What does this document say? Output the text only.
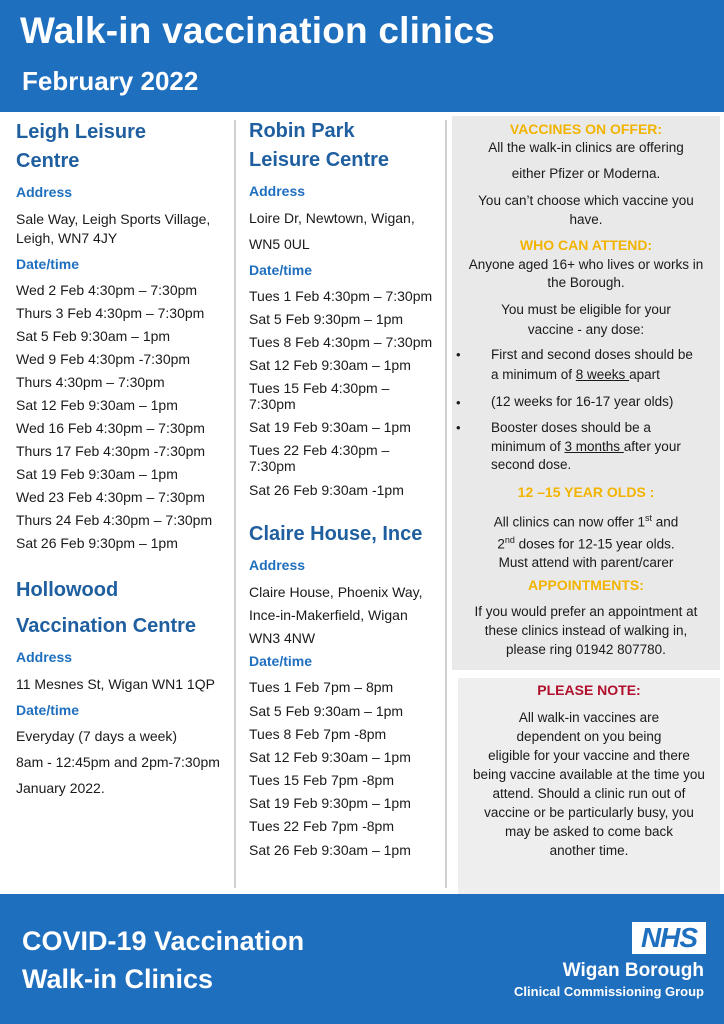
Walk-in vaccination clinics
February 2022

Leigh Leisure

Centre

Address

Sale Way, Leigh Sports Village,

Leigh, WN7 4JY

Date/time

Wed 2 Feb 4:30pm – 7:30pm

Thurs 3 Feb 4:30pm – 7:30pm

Sat 5 Feb 9:30am – 1pm

Wed 9 Feb 4:30pm -7:30pm

Thurs 4:30pm – 7:30pm

Sat 12 Feb 9:30am – 1pm

Wed 16 Feb 4:30pm – 7:30pm

Thurs 17 Feb 4:30pm -7:30pm

Sat 19 Feb 9:30am – 1pm

Wed 23 Feb 4:30pm – 7:30pm

Thurs 24 Feb 4:30pm – 7:30pm

Sat 26 Feb 9:30pm – 1pm

Hollowood

Vaccination Centre

Address

11 Mesnes St, Wigan WN1 1QP

Date/time

Everyday (7 days a week)

8am - 12:45pm and 2pm-7:30pm

January 2022.

Robin Park

Leisure Centre

Address

Loire Dr, Newtown, Wigan,

WN5 0UL

Date/time

Tues 1 Feb 4:30pm – 7:30pm

Sat 5 Feb 9:30pm – 1pm

Tues 8 Feb 4:30pm – 7:30pm

Sat 12 Feb 9:30am – 1pm

Tues 15 Feb 4:30pm –

7:30pm

Sat 19 Feb 9:30am – 1pm

Tues 22 Feb 4:30pm –

7:30pm

Sat 26 Feb 9:30am -1pm

Claire House, Ince

Address

Claire House, Phoenix Way,

Ince-in-Makerfield, Wigan

WN3 4NW

Date/time

Tues 1 Feb 7pm – 8pm

Sat 5 Feb 9:30am – 1pm

Tues 8 Feb 7pm -8pm

Sat 12 Feb 9:30am – 1pm

Tues 15 Feb 7pm -8pm

Sat 19 Feb 9:30pm – 1pm

Tues 22 Feb 7pm -8pm

Sat 26 Feb 9:30am – 1pm

VACCINES ON OFFER:

All the walk-in clinics are offering

either Pfizer or Moderna.

You can’t choose which vaccine you

have.

WHO CAN ATTEND:

Anyone aged 16+ who lives or works in

the Borough.

You must be eligible for your

vaccine - any dose:

• First and second doses should be

a minimum of 8 weeks apart

• (12 weeks for 16-17 year olds)

• Booster doses should be a

minimum of 3 months after your

second dose.

12 –15 YEAR OLDS :

All clinics can now offer 1st and

2nd doses for 12-15 year olds.

Must attend with parent/carer

APPOINTMENTS:

If you would prefer an appointment at

these clinics instead of walking in,

please ring 01942 807780.

PLEASE NOTE:

All walk-in vaccines are
dependent on you being
eligible for your vaccine and there
being vaccine available at the time you
attend. Should a clinic run out of
vaccine or be particularly busy, you
may be asked to come back
another time.

COVID-19 Vaccination

Walk-in Clinics

NHS

Wigan Borough

Clinical Commissioning Group
